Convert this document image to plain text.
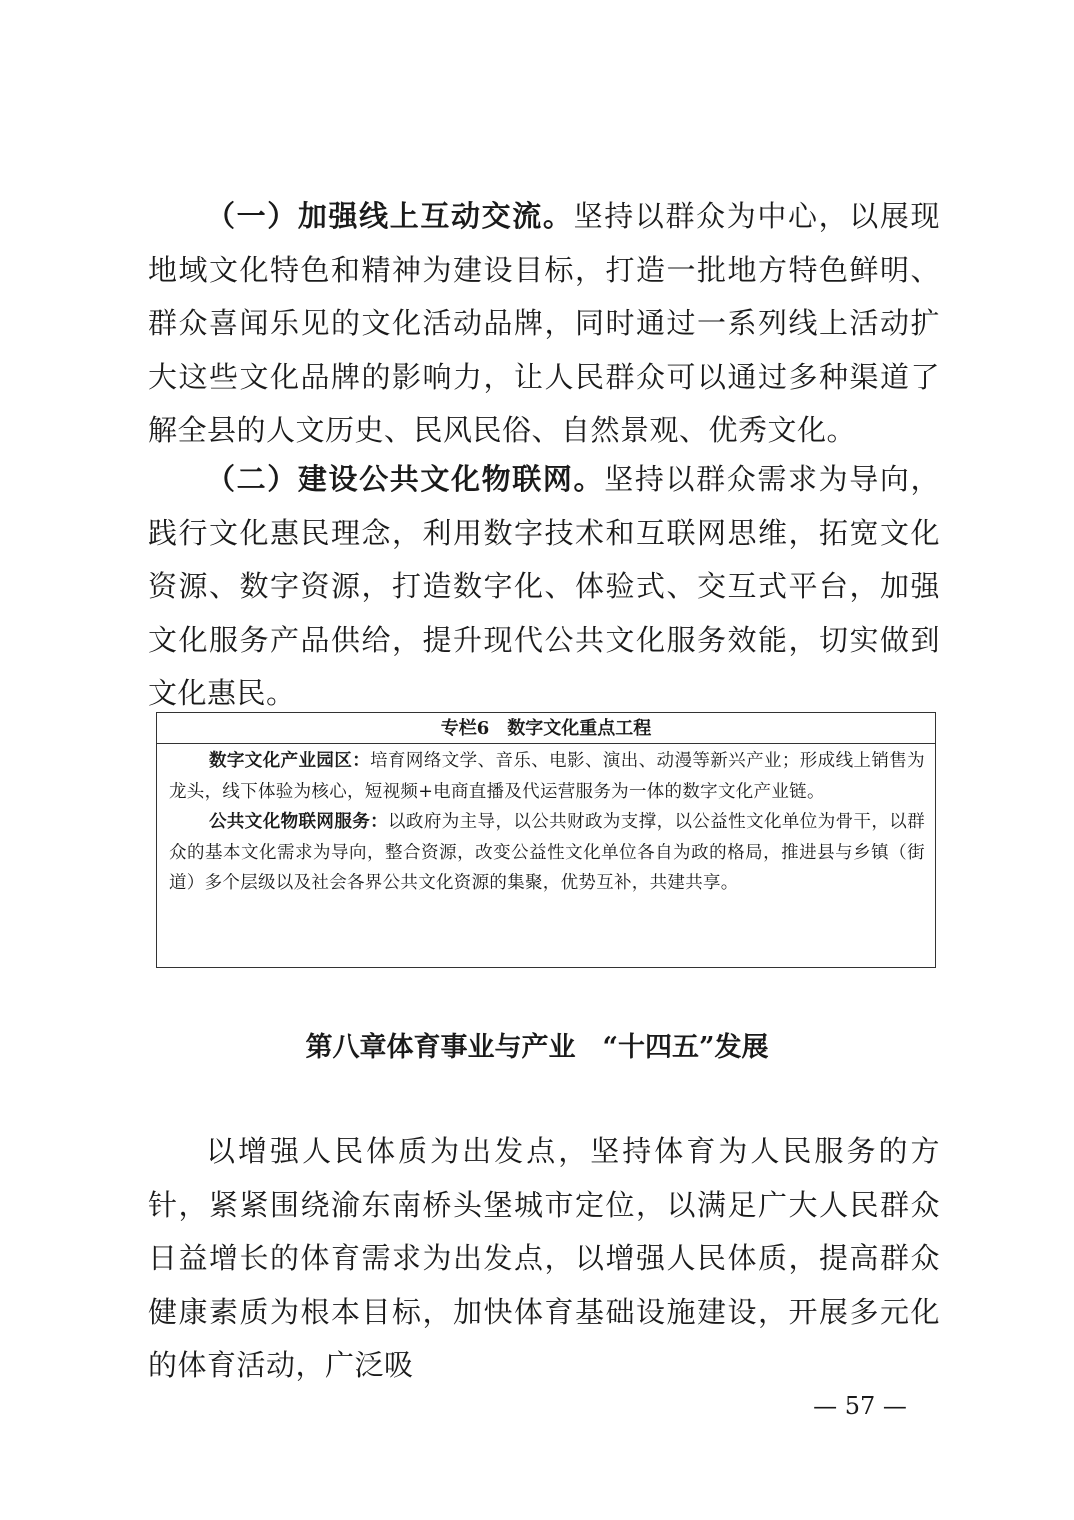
（一）加强线上互动交流。坚持以群众为中心，以展现地域文化特色和精神为建设目标，打造一批地方特色鲜明、群众喜闻乐见的文化活动品牌，同时通过一系列线上活动扩大这些文化品牌的影响力，让人民群众可以通过多种渠道了解全县的人文历史、民风民俗、自然景观、优秀文化。

（二）建设公共文化物联网。坚持以群众需求为导向，践行文化惠民理念，利用数字技术和互联网思维，拓宽文化资源、数字资源，打造数字化、体验式、交互式平台，加强文化服务产品供给，提升现代公共文化服务效能，切实做到文化惠民。

专栏6　数字文化重点工程

数字文化产业园区：培育网络文学、音乐、电影、演出、动漫等新兴产业；形成线上销售为龙头，线下体验为核心，短视频+电商直播及代运营服务为一体的数字文化产业链。

公共文化物联网服务：以政府为主导，以公共财政为支撑，以公益性文化单位为骨干，以群众的基本文化需求为导向，整合资源，改变公益性文化单位各自为政的格局，推进县与乡镇（街道）多个层级以及社会各界公共文化资源的集聚，优势互补，共建共享。

第八章体育事业与产业　“十四五”发展

以增强人民体质为出发点，坚持体育为人民服务的方针，紧紧围绕渝东南桥头堡城市定位，以满足广大人民群众日益增长的体育需求为出发点，以增强人民体质，提高群众健康素质为根本目标，加快体育基础设施建设，开展多元化的体育活动，广泛吸

— 57 —
